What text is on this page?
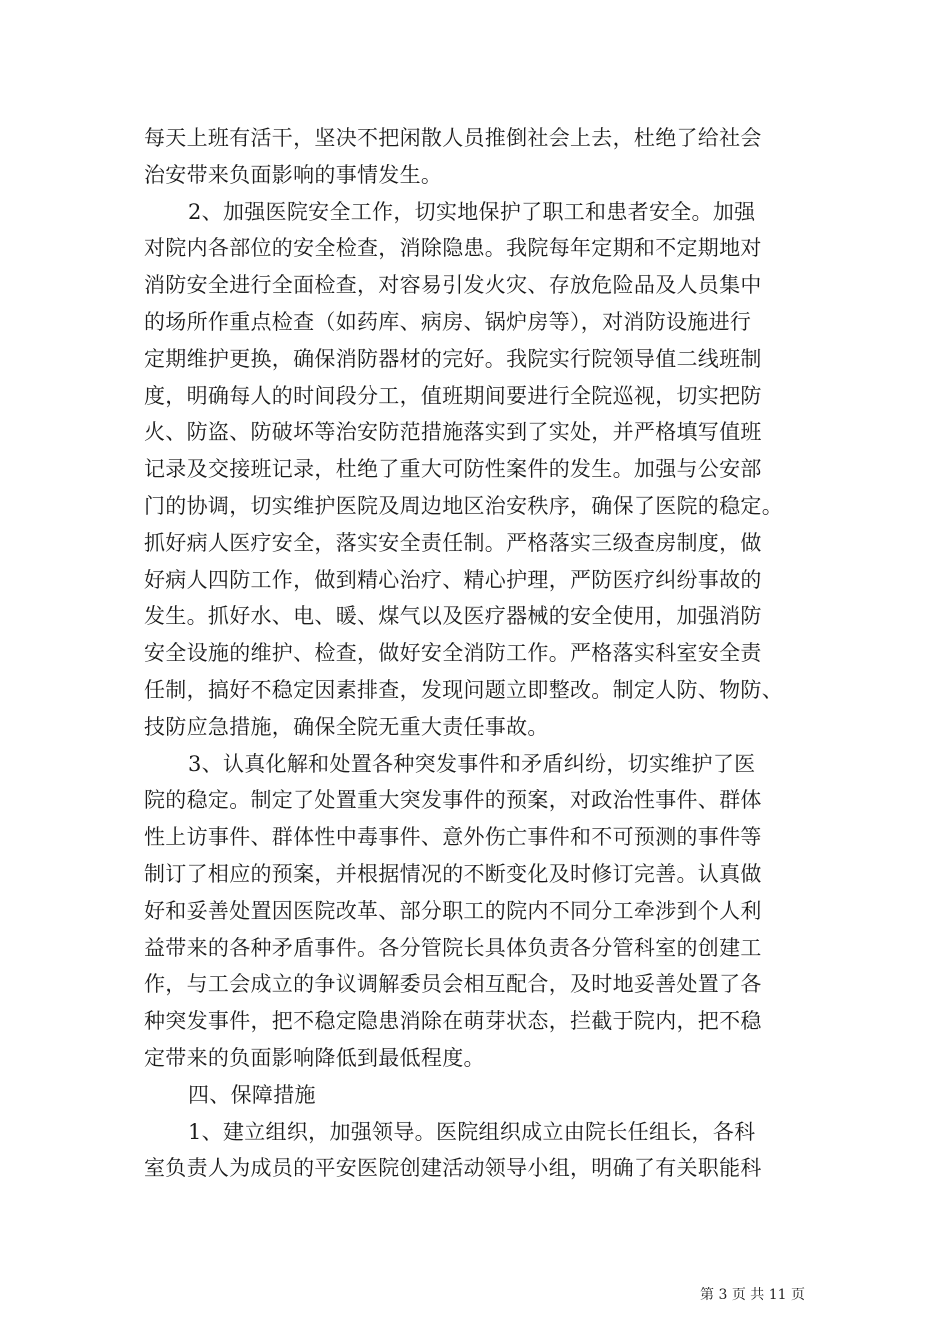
每天上班有活干，坚决不把闲散人员推倒社会上去，杜绝了给社会
治安带来负面影响的事情发生。
2、加强医院安全工作，切实地保护了职工和患者安全。加强
对院内各部位的安全检查，消除隐患。我院每年定期和不定期地对
消防安全进行全面检查，对容易引发火灾、存放危险品及人员集中
的场所作重点检查（如药库、病房、锅炉房等），对消防设施进行
定期维护更换，确保消防器材的完好。我院实行院领导值二线班制
度，明确每人的时间段分工，值班期间要进行全院巡视，切实把防
火、防盗、防破坏等治安防范措施落实到了实处，并严格填写值班
记录及交接班记录，杜绝了重大可防性案件的发生。加强与公安部
门的协调，切实维护医院及周边地区治安秩序，确保了医院的稳定。
抓好病人医疗安全，落实安全责任制。严格落实三级查房制度，做
好病人四防工作，做到精心治疗、精心护理，严防医疗纠纷事故的
发生。抓好水、电、暖、煤气以及医疗器械的安全使用，加强消防
安全设施的维护、检查，做好安全消防工作。严格落实科室安全责
任制，搞好不稳定因素排查，发现问题立即整改。制定人防、物防、
技防应急措施，确保全院无重大责任事故。
3、认真化解和处置各种突发事件和矛盾纠纷，切实维护了医
院的稳定。制定了处置重大突发事件的预案，对政治性事件、群体
性上访事件、群体性中毒事件、意外伤亡事件和不可预测的事件等
制订了相应的预案，并根据情况的不断变化及时修订完善。认真做
好和妥善处置因医院改革、部分职工的院内不同分工牵涉到个人利
益带来的各种矛盾事件。各分管院长具体负责各分管科室的创建工
作，与工会成立的争议调解委员会相互配合，及时地妥善处置了各
种突发事件，把不稳定隐患消除在萌芽状态，拦截于院内，把不稳
定带来的负面影响降低到最低程度。
四、保障措施
1、建立组织，加强领导。医院组织成立由院长任组长，各科
室负责人为成员的平安医院创建活动领导小组，明确了有关职能科
第 3 页 共 11 页
